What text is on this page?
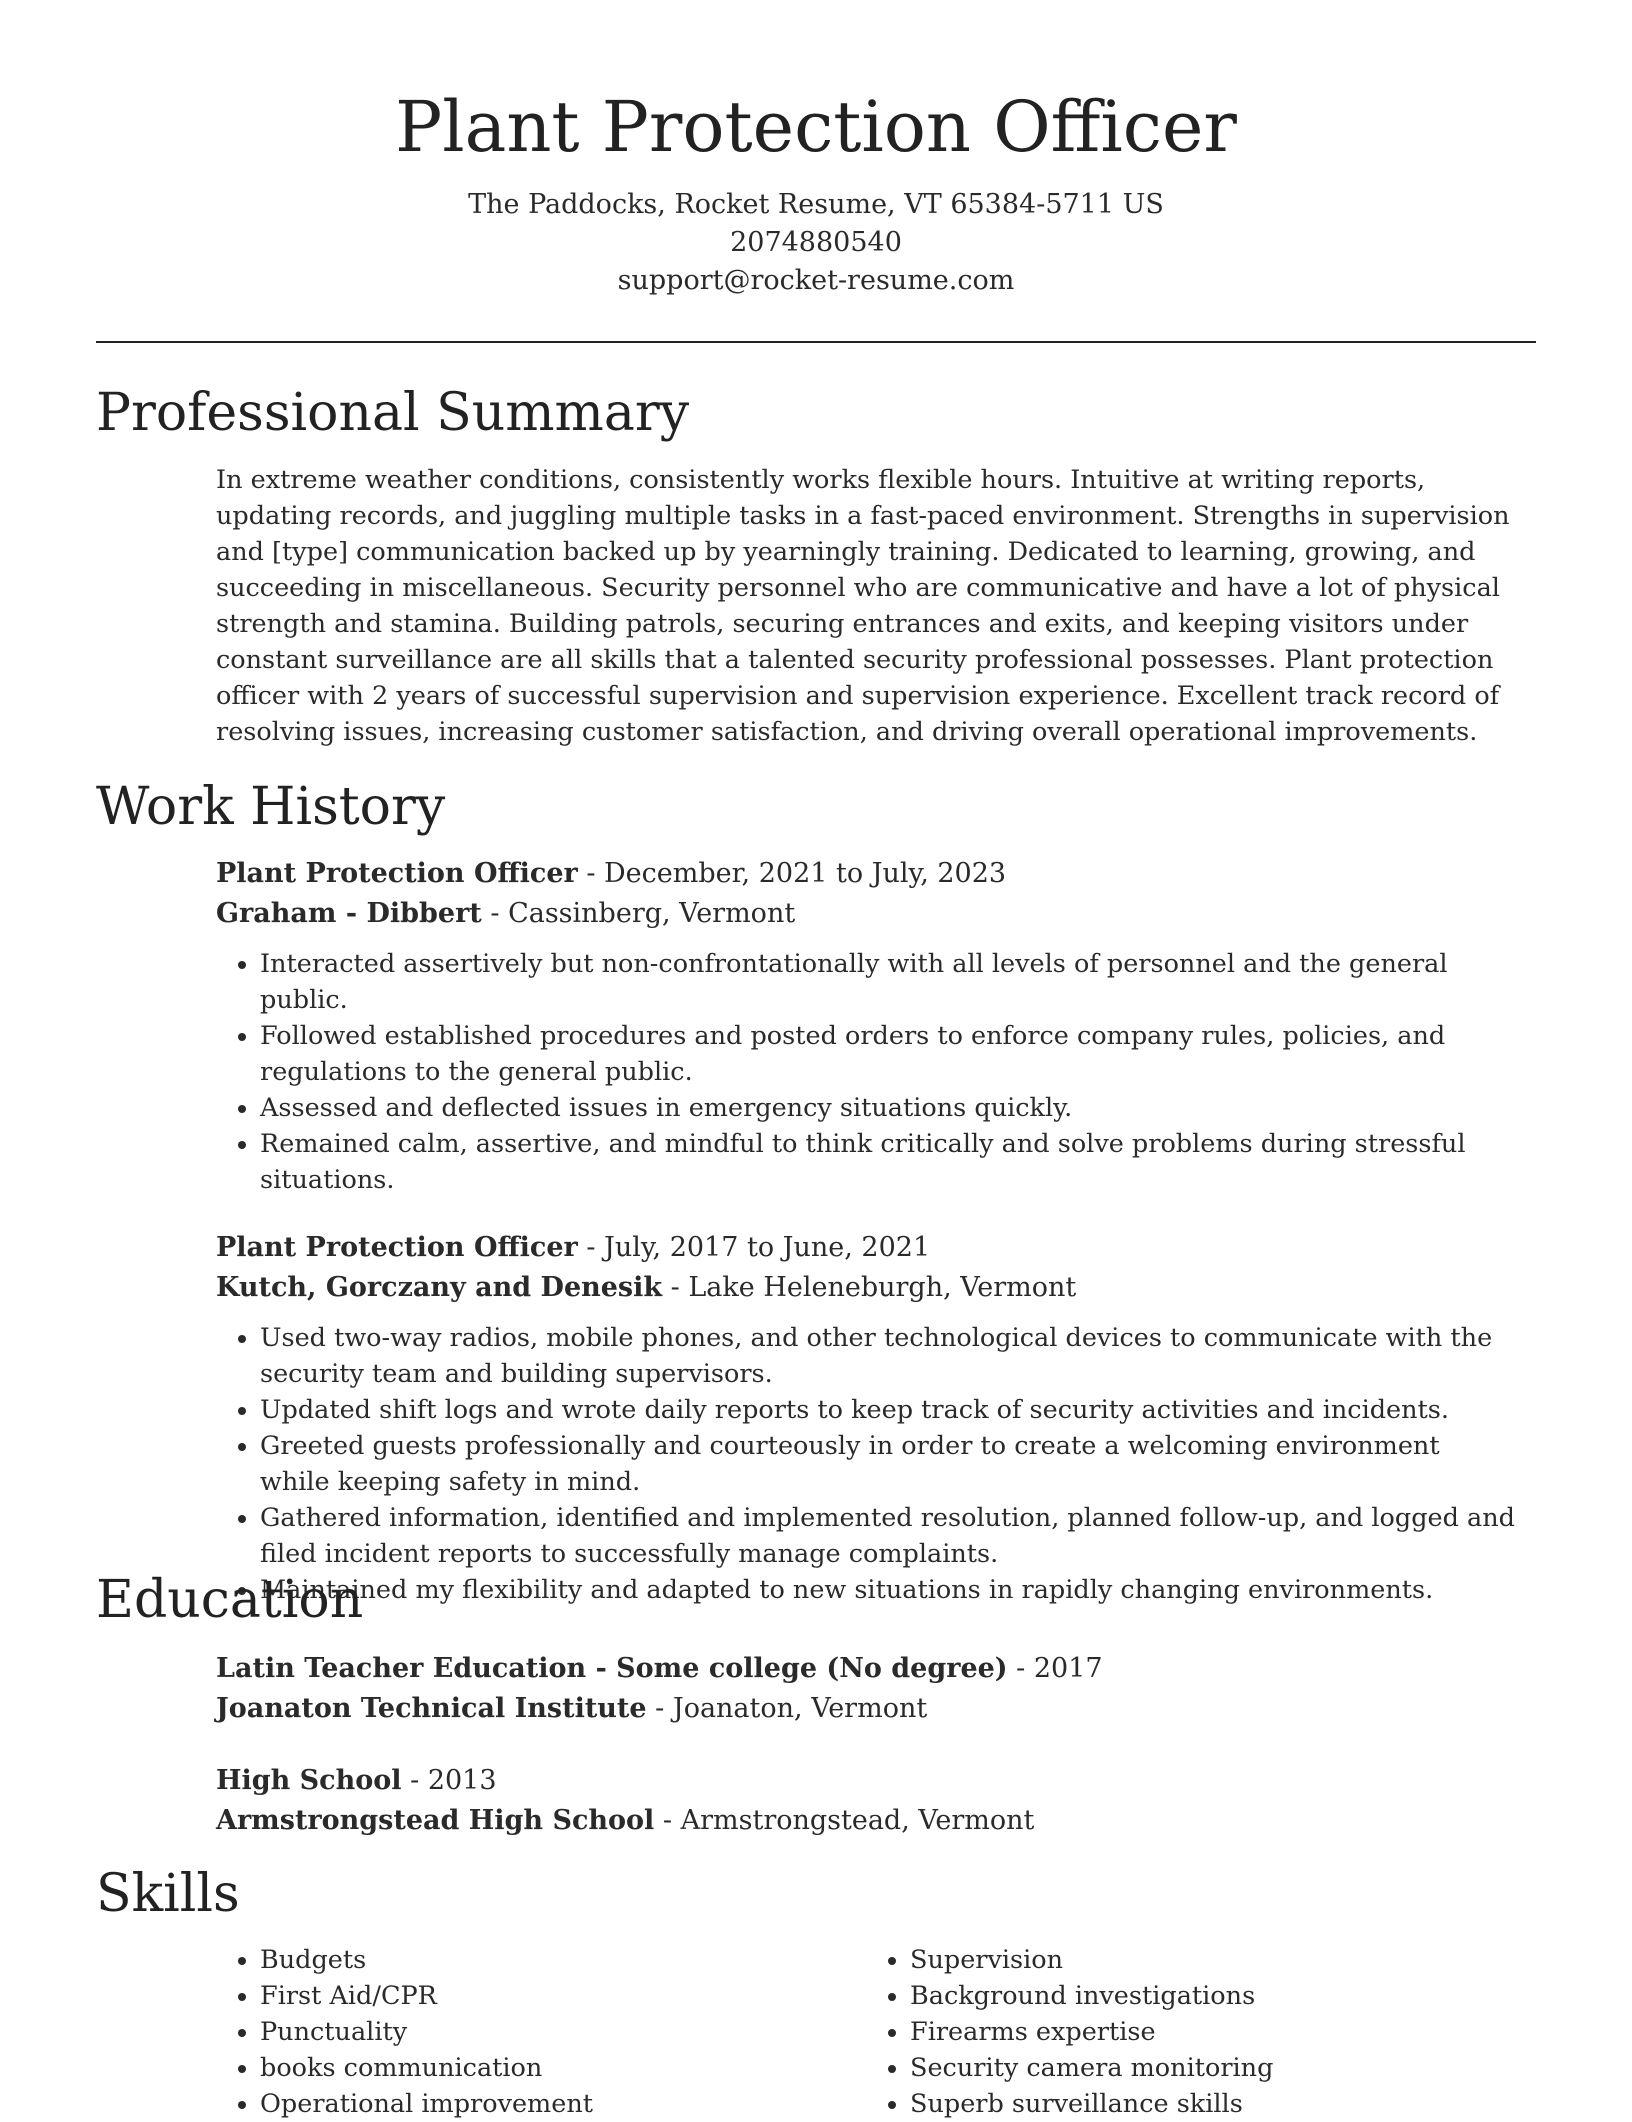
Plant Protection Officer
The Paddocks, Rocket Resume, VT 65384-5711 US
2074880540
support@rocket-resume.com
Professional Summary

In extreme weather conditions, consistently works flexible hours. Intuitive at writing reports, updating records, and juggling multiple tasks in a fast-paced environment. Strengths in supervision and [type] communication backed up by yearningly training. Dedicated to learning, growing, and succeeding in miscellaneous. Security personnel who are communicative and have a lot of physical strength and stamina. Building patrols, securing entrances and exits, and keeping visitors under constant surveillance are all skills that a talented security professional possesses. Plant protection officer with 2 years of successful supervision and supervision experience. Excellent track record of resolving issues, increasing customer satisfaction, and driving overall operational improvements.

Work History
Plant Protection Officer - December, 2021 to July, 2023
Graham - Dibbert - Cassinberg, Vermont
• Interacted assertively but non-confrontationally with all levels of personnel and the general public.
• Followed established procedures and posted orders to enforce company rules, policies, and regulations to the general public.
• Assessed and deflected issues in emergency situations quickly.
• Remained calm, assertive, and mindful to think critically and solve problems during stressful situations.
Plant Protection Officer - July, 2017 to June, 2021
Kutch, Gorczany and Denesik - Lake Heleneburgh, Vermont
• Used two-way radios, mobile phones, and other technological devices to communicate with the security team and building supervisors.
• Updated shift logs and wrote daily reports to keep track of security activities and incidents.
• Greeted guests professionally and courteously in order to create a welcoming environment while keeping safety in mind.
• Gathered information, identified and implemented resolution, planned follow-up, and logged and filed incident reports to successfully manage complaints.
• Maintained my flexibility and adapted to new situations in rapidly changing environments.
Education
Latin Teacher Education - Some college (No degree) - 2017
Joanaton Technical Institute - Joanaton, Vermont
High School - 2013
Armstrongstead High School - Armstrongstead, Vermont
Skills
• Budgets
• First Aid/CPR
• Punctuality
• books communication
• Operational improvement
• Supervision
• Background investigations
• Firearms expertise
• Security camera monitoring
• Superb surveillance skills
